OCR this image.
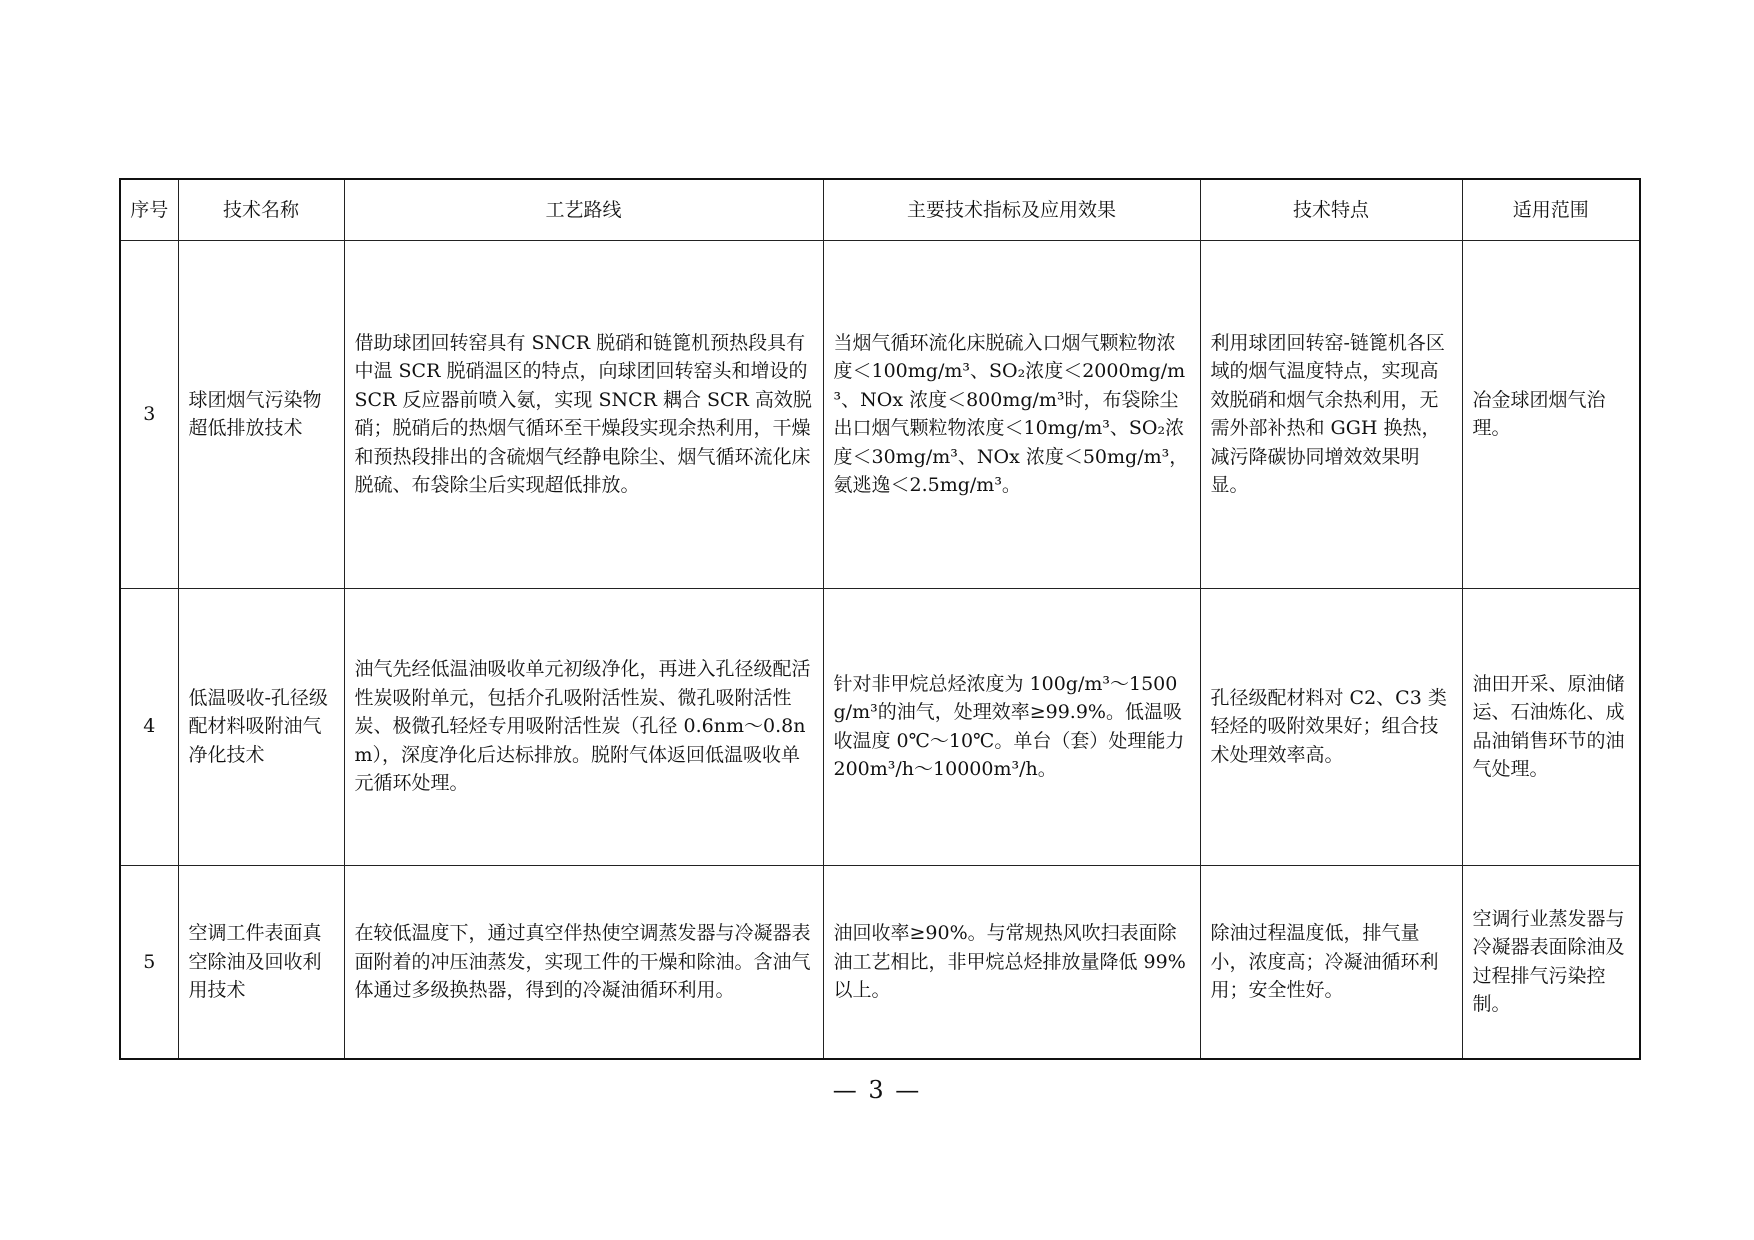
序号	技术名称	工艺路线	主要技术指标及应用效果	技术特点	适用范围
3	球团烟气污染物超低排放技术	借助球团回转窑具有 SNCR 脱硝和链篦机预热段具有中温 SCR 脱硝温区的特点，向球团回转窑头和增设的 SCR 反应器前喷入氨，实现 SNCR 耦合 SCR 高效脱硝；脱硝后的热烟气循环至干燥段实现余热利用，干燥和预热段排出的含硫烟气经静电除尘、烟气循环流化床脱硫、布袋除尘后实现超低排放。	当烟气循环流化床脱硫入口烟气颗粒物浓度＜100mg/m³、SO₂浓度＜2000mg/m³、NOx 浓度＜800mg/m³时，布袋除尘出口烟气颗粒物浓度＜10mg/m³、SO₂浓度＜30mg/m³、NOx 浓度＜50mg/m³，氨逃逸＜2.5mg/m³。	利用球团回转窑-链篦机各区域的烟气温度特点，实现高效脱硝和烟气余热利用，无需外部补热和 GGH 换热，减污降碳协同增效效果明显。	冶金球团烟气治理。
4	低温吸收-孔径级配材料吸附油气净化技术	油气先经低温油吸收单元初级净化，再进入孔径级配活性炭吸附单元，包括介孔吸附活性炭、微孔吸附活性炭、极微孔轻烃专用吸附活性炭（孔径 0.6nm～0.8nm），深度净化后达标排放。脱附气体返回低温吸收单元循环处理。	针对非甲烷总烃浓度为 100g/m³～1500g/m³的油气，处理效率≥99.9%。低温吸收温度 0℃～10℃。单台（套）处理能力 200m³/h～10000m³/h。	孔径级配材料对 C2、C3 类轻烃的吸附效果好；组合技术处理效率高。	油田开采、原油储运、石油炼化、成品油销售环节的油气处理。
5	空调工件表面真空除油及回收利用技术	在较低温度下，通过真空伴热使空调蒸发器与冷凝器表面附着的冲压油蒸发，实现工件的干燥和除油。含油气体通过多级换热器，得到的冷凝油循环利用。	油回收率≥90%。与常规热风吹扫表面除油工艺相比，非甲烷总烃排放量降低 99%以上。	除油过程温度低，排气量小，浓度高；冷凝油循环利用；安全性好。	空调行业蒸发器与冷凝器表面除油及过程排气污染控制。
— 3 —
